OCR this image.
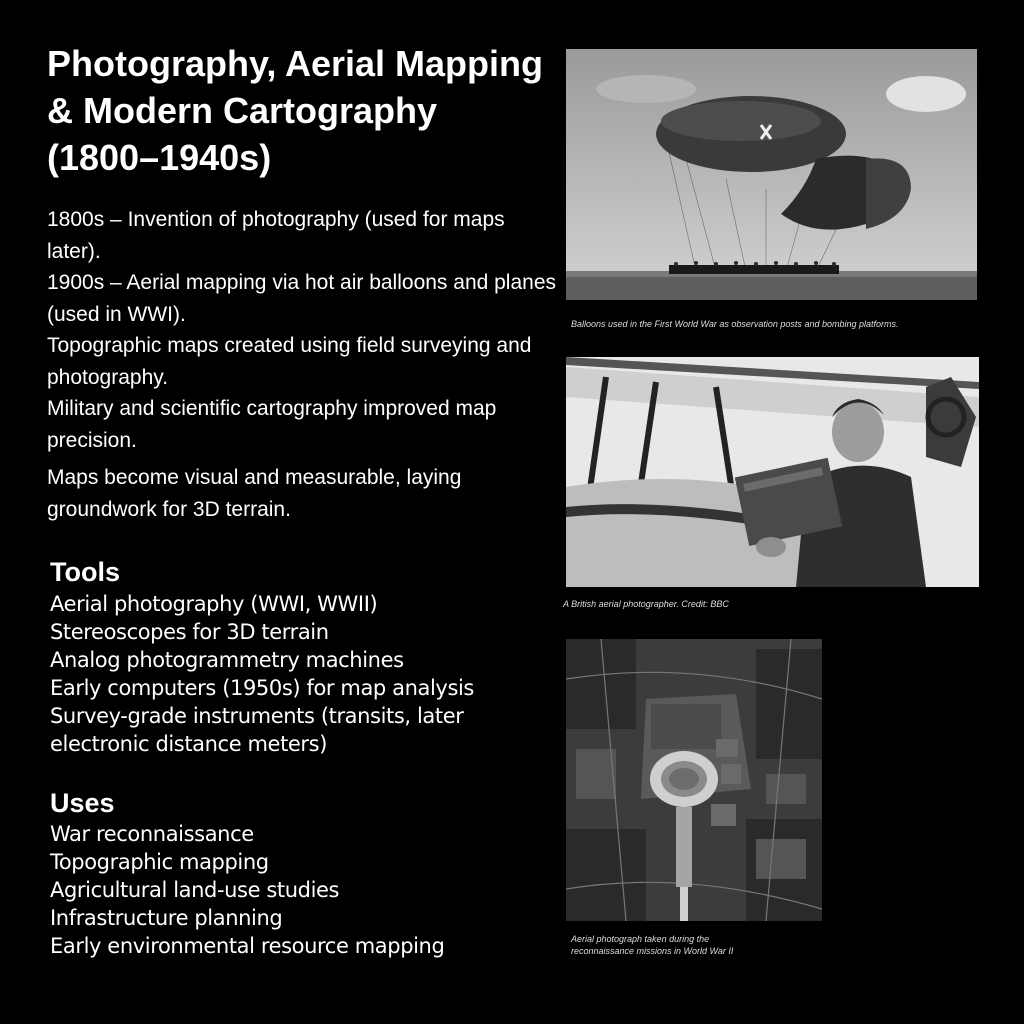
Photography, Aerial Mapping & Modern Cartography (1800–1940s)
1800s – Invention of photography (used for maps later).
1900s – Aerial mapping via hot air balloons and planes (used in WWI).
Topographic maps created using field surveying and photography.
Military and scientific cartography improved map precision.
Maps become visual and measurable, laying groundwork for 3D terrain.
Tools
Aerial photography (WWI, WWII)
Stereoscopes for 3D terrain
Analog photogrammetry machines
Early computers (1950s) for map analysis
Survey-grade instruments (transits, later electronic distance meters)
Uses
War reconnaissance
Topographic mapping
Agricultural land-use studies
Infrastructure planning
Early environmental resource mapping

Balloons used in the First World War as observation posts and bombing platforms.

A British aerial photographer. Credit: BBC

Aerial photograph taken during the reconnaissance missions in World War II
